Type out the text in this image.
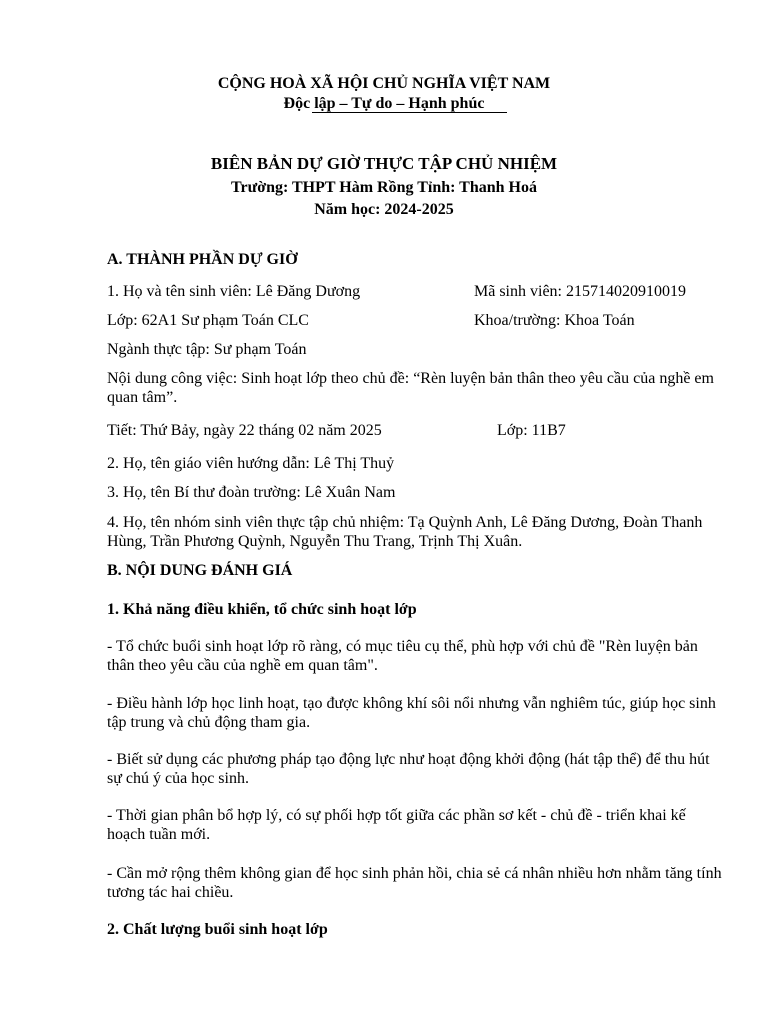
CỘNG HOÀ XÃ HỘI CHỦ NGHĨA VIỆT NAM
Độc lập – Tự do – Hạnh phúc
BIÊN BẢN DỰ GIỜ THỰC TẬP CHỦ NHIỆM
Trường: THPT Hàm Rồng Tỉnh: Thanh Hoá
Năm học: 2024-2025
A. THÀNH PHẦN DỰ GIỜ
1. Họ và tên sinh viên: Lê Đăng Dương	Mã sinh viên: 215714020910019
Lớp: 62A1 Sư phạm Toán CLC	Khoa/trường: Khoa Toán
Ngành thực tập: Sư phạm Toán
Nội dung công việc: Sinh hoạt lớp theo chủ đề: “Rèn luyện bản thân theo yêu cầu của nghề em quan tâm”.
Tiết: Thứ Bảy, ngày 22 tháng 02 năm 2025	Lớp: 11B7
2. Họ, tên giáo viên hướng dẫn: Lê Thị Thuỷ
3. Họ, tên Bí thư đoàn trường: Lê Xuân Nam
4. Họ, tên nhóm sinh viên thực tập chủ nhiệm: Tạ Quỳnh Anh, Lê Đăng Dương, Đoàn Thanh Hùng, Trần Phương Quỳnh, Nguyễn Thu Trang, Trịnh Thị Xuân.
B. NỘI DUNG ĐÁNH GIÁ
1. Khả năng điều khiển, tổ chức sinh hoạt lớp
- Tổ chức buổi sinh hoạt lớp rõ ràng, có mục tiêu cụ thể, phù hợp với chủ đề "Rèn luyện bản thân theo yêu cầu của nghề em quan tâm".
- Điều hành lớp học linh hoạt, tạo được không khí sôi nổi nhưng vẫn nghiêm túc, giúp học sinh tập trung và chủ động tham gia.
- Biết sử dụng các phương pháp tạo động lực như hoạt động khởi động (hát tập thể) để thu hút sự chú ý của học sinh.
- Thời gian phân bổ hợp lý, có sự phối hợp tốt giữa các phần sơ kết - chủ đề - triển khai kế hoạch tuần mới.
- Cần mở rộng thêm không gian để học sinh phản hồi, chia sẻ cá nhân nhiều hơn nhằm tăng tính tương tác hai chiều.
2. Chất lượng buổi sinh hoạt lớp
